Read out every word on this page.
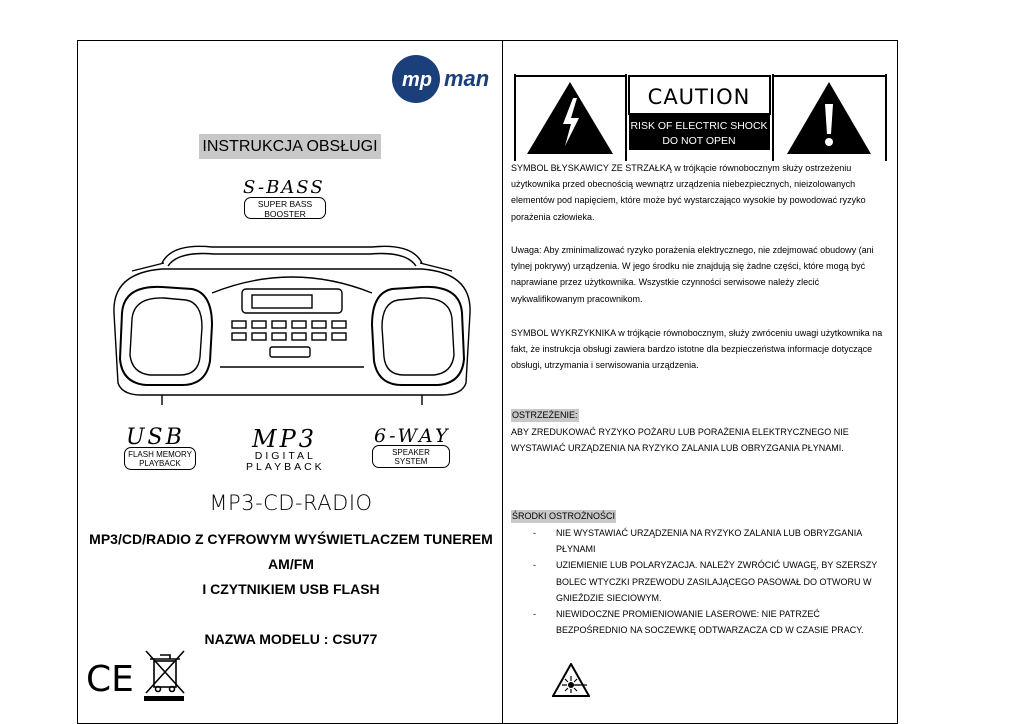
mp man
INSTRUKCJA OBSŁUGI
S-BASS
SUPER BASS
BOOSTER
USB
FLASH MEMORY
PLAYBACK
MP3
DIGITAL
PLAYBACK
6-WAY
SPEAKER
SYSTEM
MP3-CD-RADIO
MP3/CD/RADIO Z CYFROWYM WYŚWIETLACZEM TUNEREM
AM/FM
I CZYTNIKIEM USB FLASH
NAZWA MODELU : CSU77
CE
CAUTION
RISK OF ELECTRIC SHOCK
DO NOT OPEN
SYMBOL BŁYSKAWICY ZE STRZAŁKĄ w trójkącie równobocznym służy ostrzeżeniu użytkownika przed obecnością wewnątrz urządzenia niebezpiecznych, nieizolowanych elementów pod napięciem, które może być wystarczająco wysokie by powodować ryzyko porażenia człowieka.
Uwaga: Aby zminimalizować ryzyko porażenia elektrycznego, nie zdejmować obudowy (ani tylnej pokrywy) urządzenia. W jego środku nie znajdują się żadne części, które mogą być naprawiane przez użytkownika. Wszystkie czynności serwisowe należy zlecić wykwalifikowanym pracownikom.
SYMBOL WYKRZYKNIKA w trójkącie równobocznym, służy zwróceniu uwagi użytkownika na fakt, że instrukcja obsługi zawiera bardzo istotne dla bezpieczeństwa informacje dotyczące obsługi, utrzymania i serwisowania urządzenia.
OSTRZEŻENIE:
ABY ZREDUKOWAĆ RYZYKO POŻARU LUB PORAŻENIA ELEKTRYCZNEGO NIE WYSTAWIAĆ URZĄDZENIA NA RYZYKO ZALANIA LUB OBRYZGANIA PŁYNAMI.
ŚRODKI OSTROŻNOŚCI
- NIE WYSTAWIAĆ URZĄDZENIA NA RYZYKO ZALANIA LUB OBRYZGANIA PŁYNAMI
- UZIEMIENIE LUB POLARYZACJA. NALEŻY ZWRÓCIĆ UWAGĘ, BY SZERSZY BOLEC WTYCZKI PRZEWODU ZASILAJĄCEGO PASOWAŁ DO OTWORU W GNIEŹDZIE SIECIOWYM.
- NIEWIDOCZNE PROMIENIOWANIE LASEROWE: NIE PATRZEĆ BEZPOŚREDNIO NA SOCZEWKĘ ODTWARZACZA CD W CZASIE PRACY.
